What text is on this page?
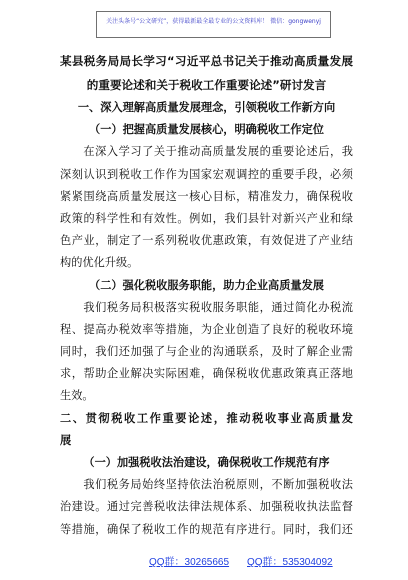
关注头条号“公文研究”，获得最新最全最专业的公文资料库！ 微信：gongwenyj
某县税务局局长学习“习近平总书记关于推动高质量发展
的重要论述和关于税收工作重要论述”研讨发言
一、深入理解高质量发展理念，引领税收工作新方向
（一）把握高质量发展核心，明确税收工作定位
在深入学习了关于推动高质量发展的重要论述后，我
深刻认识到税收工作作为国家宏观调控的重要手段，必须
紧紧围绕高质量发展这一核心目标，精准发力，确保税收
政策的科学性和有效性。例如，我们县针对新兴产业和绿
色产业，制定了一系列税收优惠政策，有效促进了产业结
构的优化升级。
（二）强化税收服务职能，助力企业高质量发展
我们税务局积极落实税收服务职能，通过简化办税流
程、提高办税效率等措施，为企业创造了良好的税收环境
同时，我们还加强了与企业的沟通联系，及时了解企业需
求，帮助企业解决实际困难，确保税收优惠政策真正落地
生效。
二、贯彻税收工作重要论述，推动税收事业高质量发
展
（一）加强税收法治建设，确保税收工作规范有序
我们税务局始终坚持依法治税原则，不断加强税收法
治建设。通过完善税收法律法规体系、加强税收执法监督
等措施，确保了税收工作的规范有序进行。同时，我们还
QQ群：30265665 QQ群：535304092
